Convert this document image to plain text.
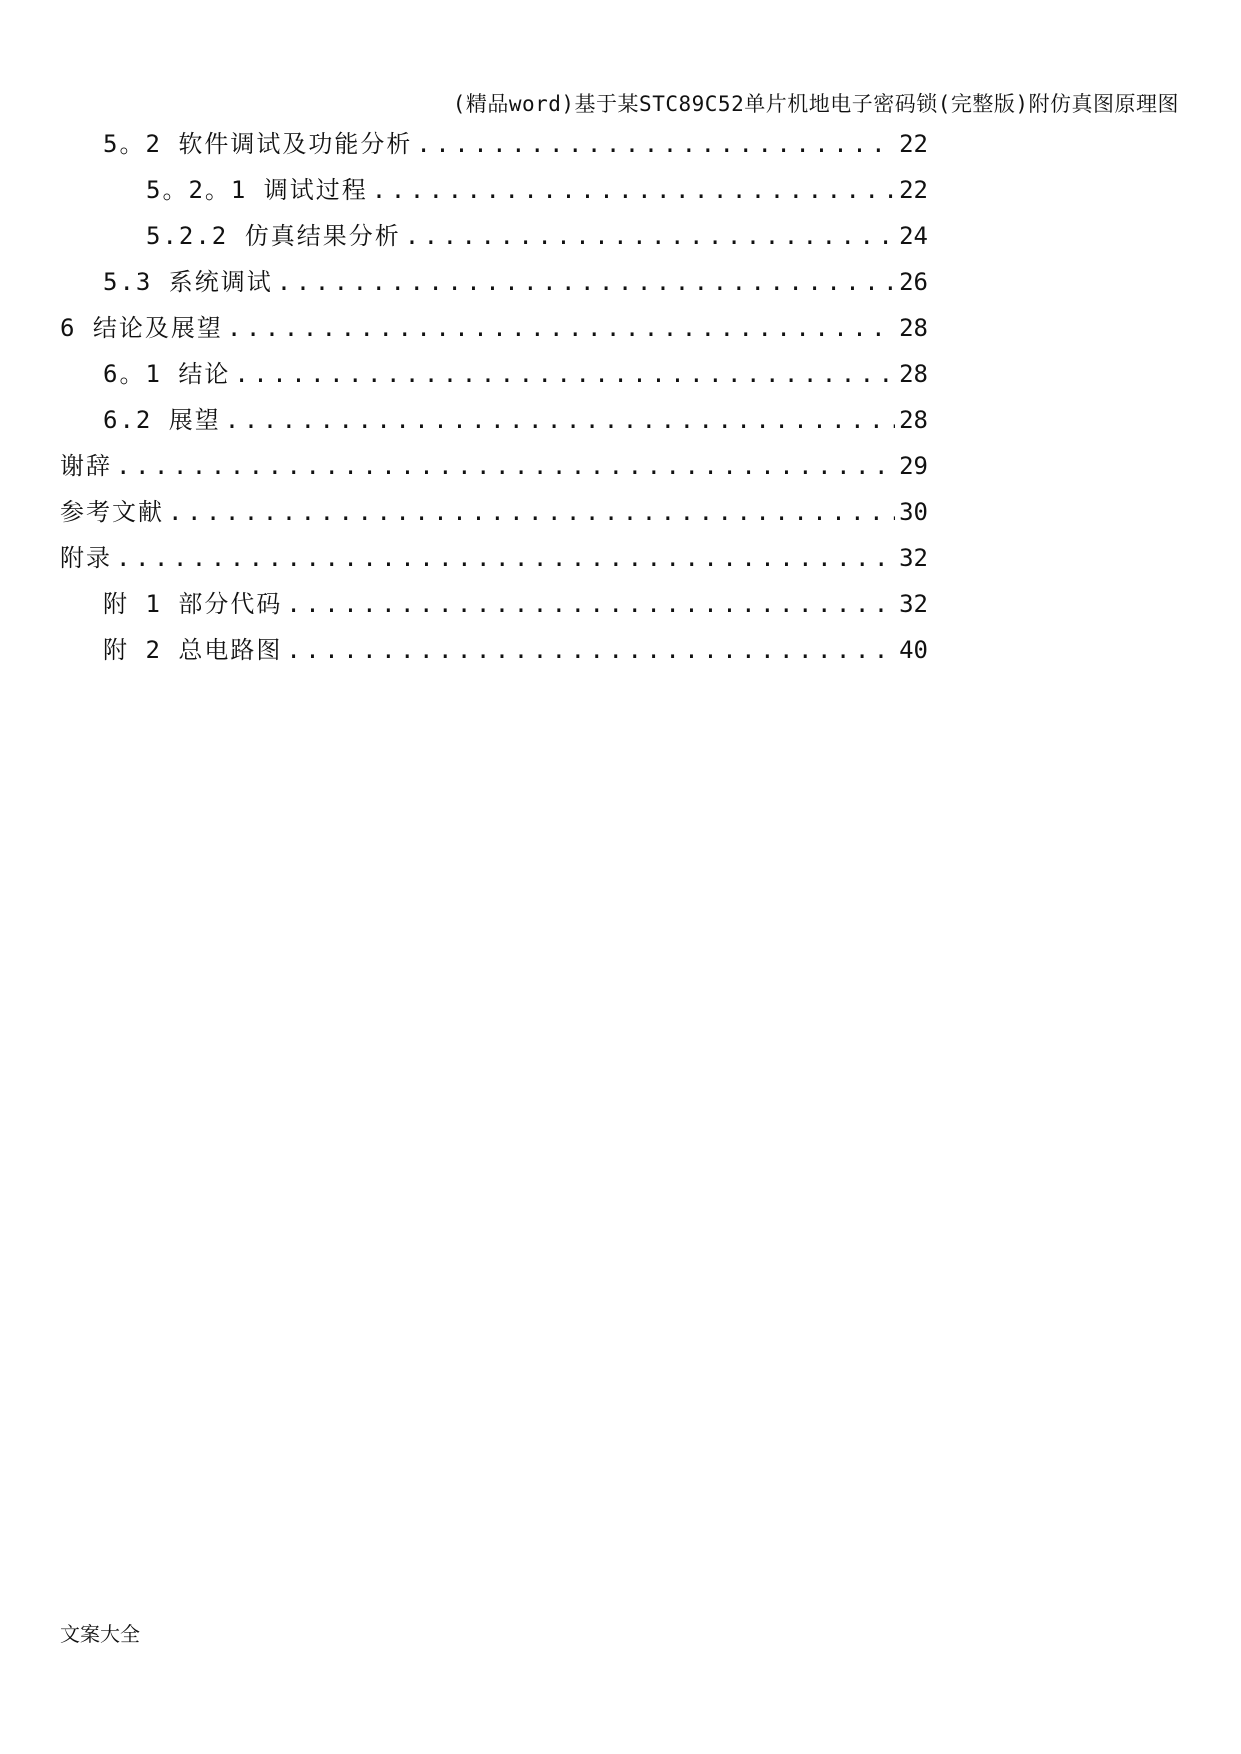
(精品word)基于某STC89C52单片机地电子密码锁(完整版)附仿真图原理图
5。2 软件调试及功能分析 .....	22
5。2。1 调试过程 .....	22
5.2.2 仿真结果分析 .....	24
5.3 系统调试 .....	26
6 结论及展望 .....	28
6。1 结论 .....	28
6.2 展望 .....	28
谢辞 .....	29
参考文献 .....	30
附录 .....	32
附 1 部分代码 .....	32
附 2 总电路图 .....	40
文案大全
